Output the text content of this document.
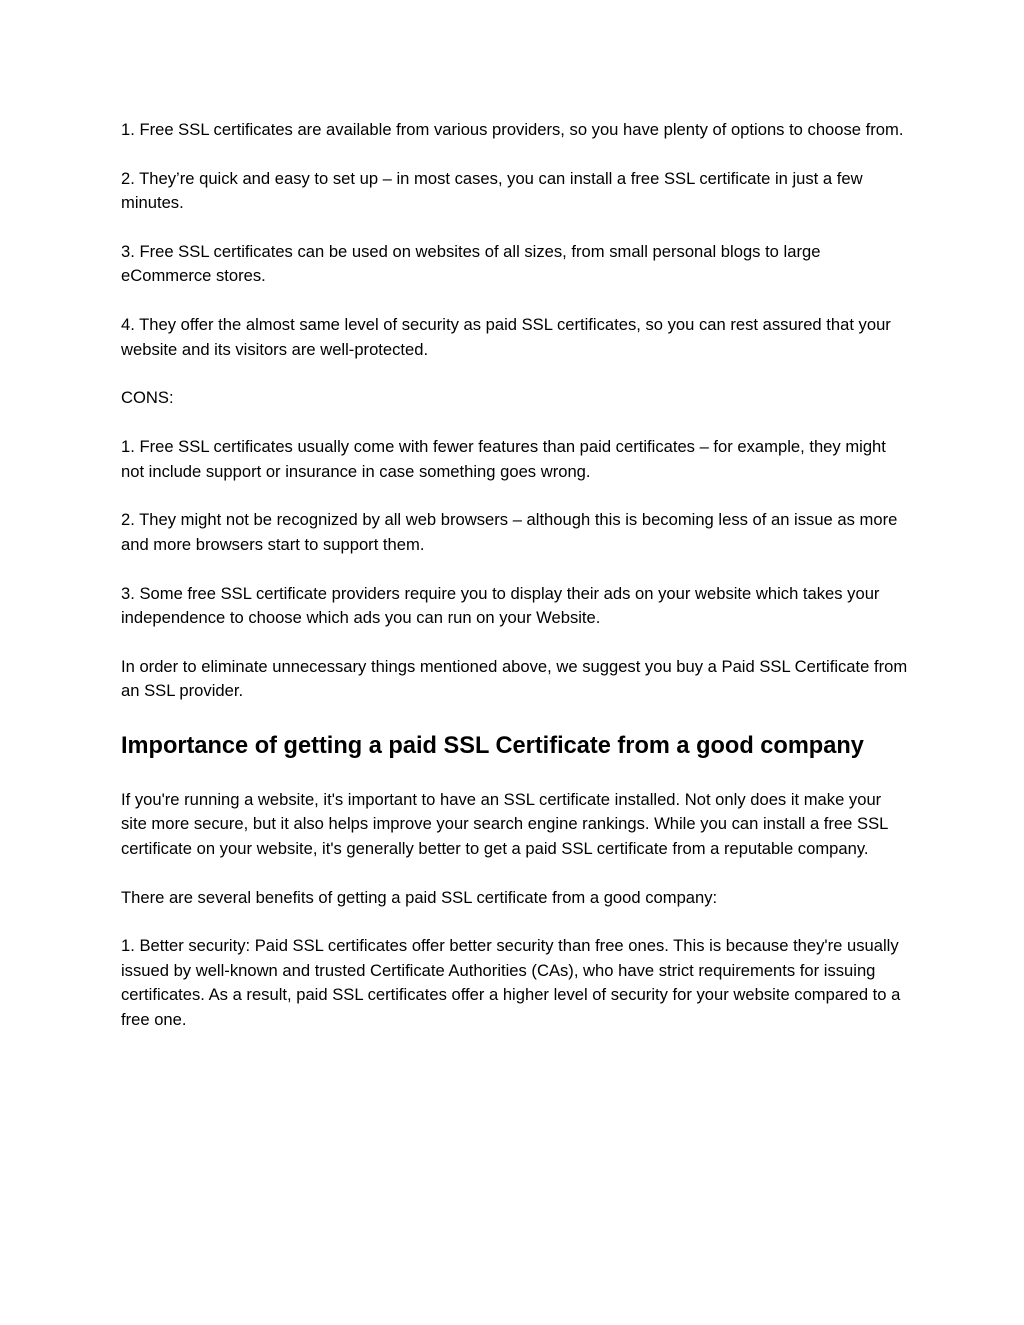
1. Free SSL certificates are available from various providers, so you have plenty of options to choose from.

2. They’re quick and easy to set up – in most cases, you can install a free SSL certificate in just a few minutes.

3. Free SSL certificates can be used on websites of all sizes, from small personal blogs to large eCommerce stores.

4. They offer the almost same level of security as paid SSL certificates, so you can rest assured that your website and its visitors are well-protected.

CONS:

1. Free SSL certificates usually come with fewer features than paid certificates – for example, they might not include support or insurance in case something goes wrong.

2. They might not be recognized by all web browsers – although this is becoming less of an issue as more and more browsers start to support them.

3. Some free SSL certificate providers require you to display their ads on your website which takes your independence to choose which ads you can run on your Website.

In order to eliminate unnecessary things mentioned above, we suggest you buy a Paid SSL Certificate from an SSL provider.

Importance of getting a paid SSL Certificate from a good company

If you're running a website, it's important to have an SSL certificate installed. Not only does it make your site more secure, but it also helps improve your search engine rankings. While you can install a free SSL certificate on your website, it's generally better to get a paid SSL certificate from a reputable company.

There are several benefits of getting a paid SSL certificate from a good company:

1. Better security: Paid SSL certificates offer better security than free ones. This is because they're usually issued by well-known and trusted Certificate Authorities (CAs), who have strict requirements for issuing certificates. As a result, paid SSL certificates offer a higher level of security for your website compared to a free one.
